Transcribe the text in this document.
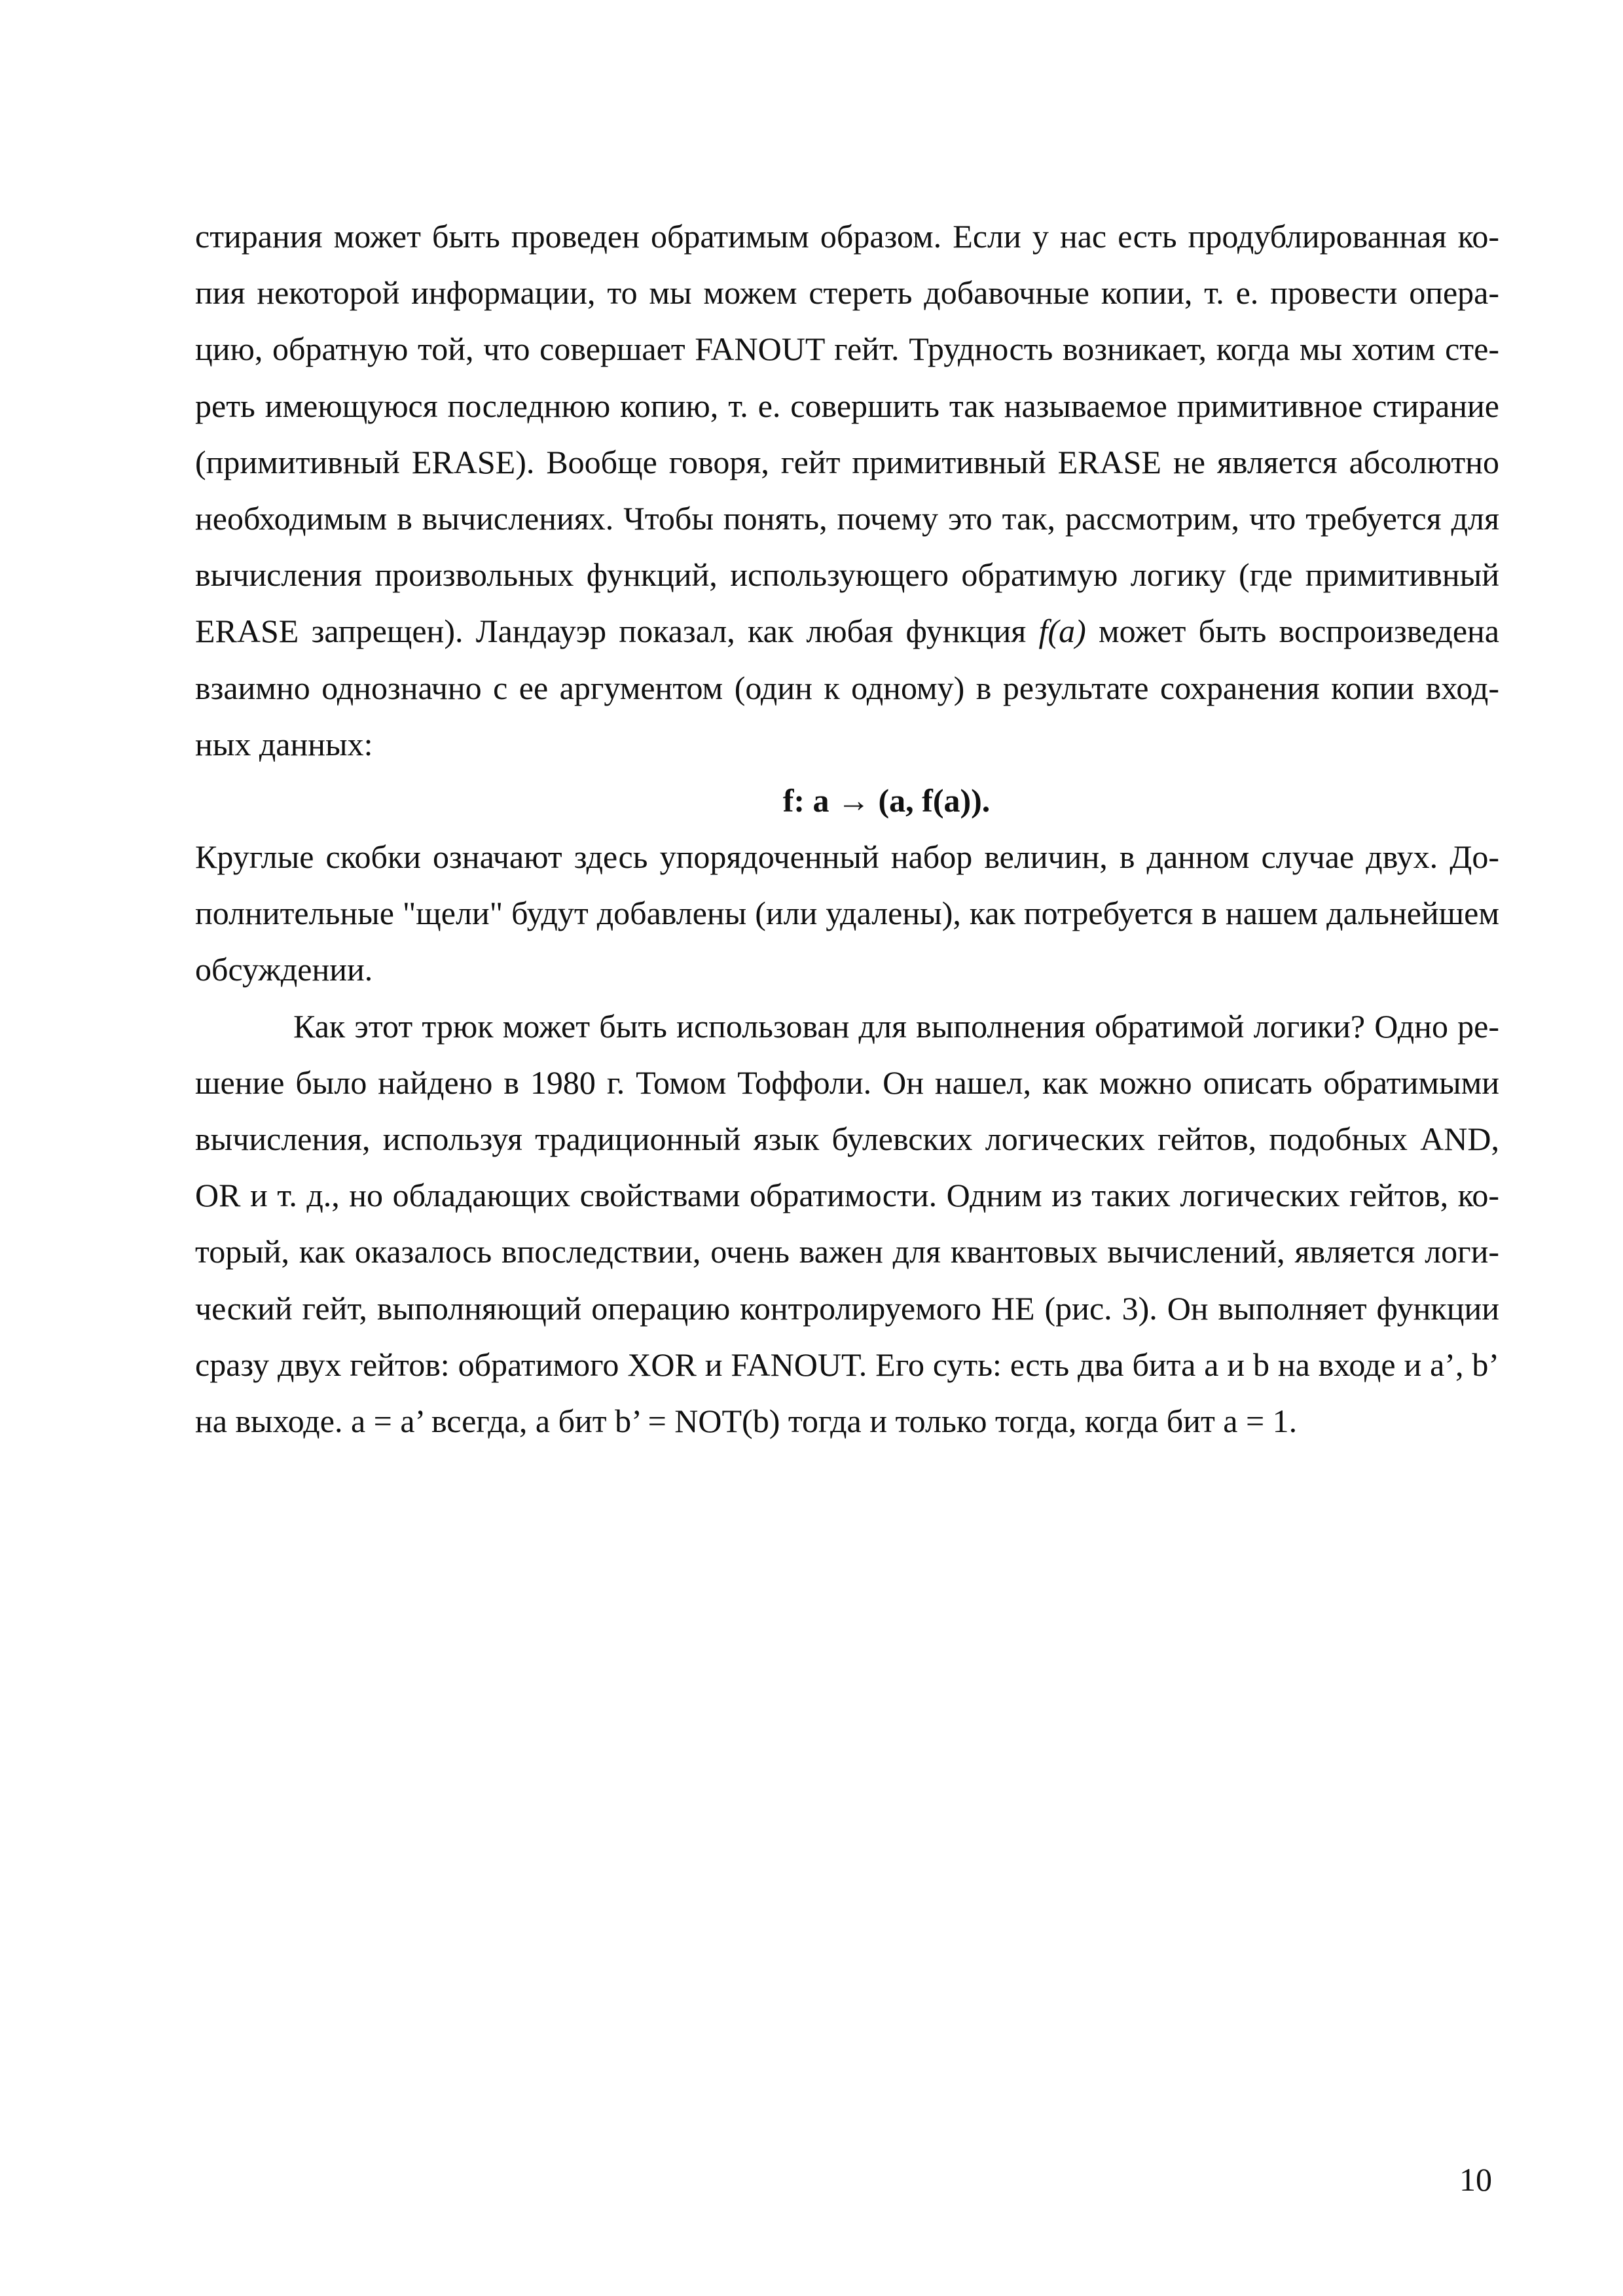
стирания может быть проведен обратимым образом. Если у нас есть продублированная ко-
пия некоторой информации, то мы можем стереть добавочные копии, т. е. провести опера-
цию, обратную той, что совершает FANOUT гейт. Трудность возникает, когда мы хотим сте-
реть имеющуюся последнюю копию, т. е. совершить так называемое примитивное стирание
(примитивный ERASE). Вообще говоря, гейт примитивный ERASE не является абсолютно
необходимым в вычислениях. Чтобы понять, почему это так, рассмотрим, что требуется для
вычисления произвольных функций, использующего обратимую логику (где примитивный
ERASE запрещен). Ландауэр показал, как любая функция f(a) может быть воспроизведена
взаимно однозначно с ее аргументом (один к одному) в результате сохранения копии вход-
ных данных:
f: a → (a, f(a)).
Круглые скобки означают здесь упорядоченный набор величин, в данном случае двух. До-
полнительные "щели" будут добавлены (или удалены), как потребуется в нашем дальнейшем
обсуждении.
Как этот трюк может быть использован для выполнения обратимой логики? Одно ре-
шение было найдено в 1980 г. Томом Тоффоли. Он нашел, как можно описать обратимыми
вычисления, используя традиционный язык булевских логических гейтов, подобных AND,
OR и т. д., но обладающих свойствами обратимости. Одним из таких логических гейтов, ко-
торый, как оказалось впоследствии, очень важен для квантовых вычислений, является логи-
ческий гейт, выполняющий операцию контролируемого НЕ (рис. 3). Он выполняет функции
сразу двух гейтов: обратимого XOR и FANOUT. Его суть: есть два бита a и b на входе и a’, b’
на выходе. a = a’ всегда, а бит b’ = NOT(b) тогда и только тогда, когда бит a = 1.
10
